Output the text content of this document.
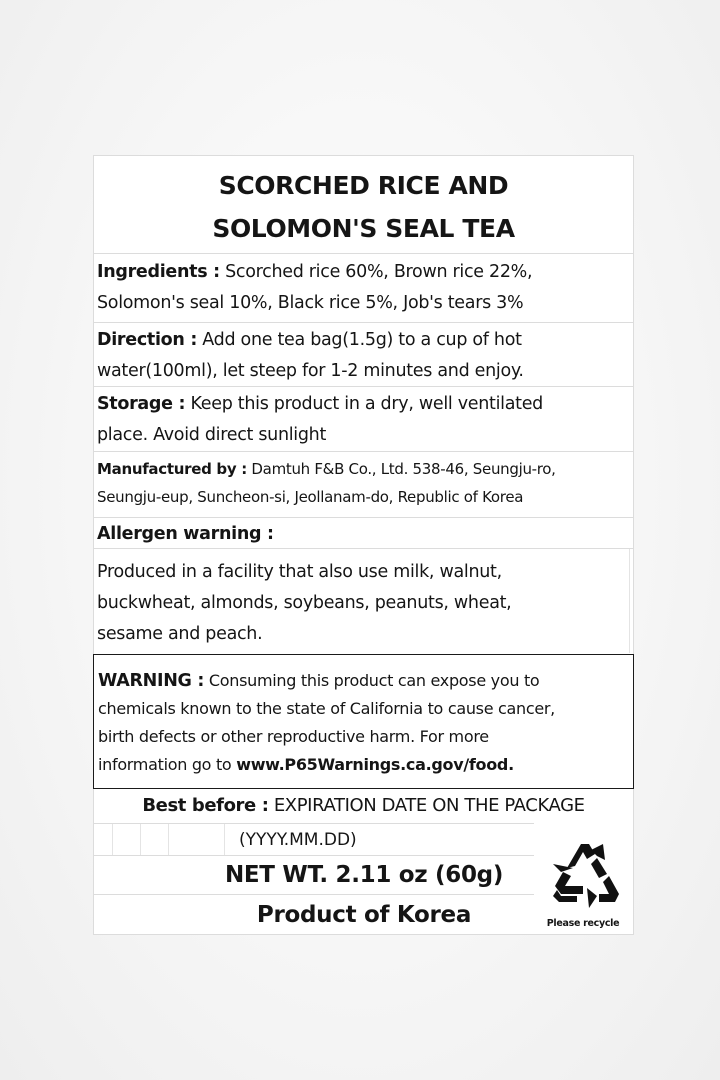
SCORCHED RICE AND
SOLOMON'S SEAL TEA
Ingredients : Scorched rice 60%, Brown rice 22%,
Solomon's seal 10%, Black rice 5%, Job's tears 3%
Direction : Add one tea bag(1.5g) to a cup of hot
water(100ml), let steep for 1-2 minutes and enjoy.
Storage : Keep this product in a dry, well ventilated
place. Avoid direct sunlight
Manufactured by : Damtuh F&B Co., Ltd. 538-46, Seungju-ro,
Seungju-eup, Suncheon-si, Jeollanam-do, Republic of Korea
Allergen warning :
Produced in a facility that also use milk, walnut,
buckwheat, almonds, soybeans, peanuts, wheat,
sesame and peach.
WARNING : Consuming this product can expose you to
chemicals known to the state of California to cause cancer,
birth defects or other reproductive harm. For more
information go to www.P65Warnings.ca.gov/food.
Best before : EXPIRATION DATE ON THE PACKAGE
(YYYY.MM.DD)
NET WT. 2.11 oz (60g)
Product of Korea	Please recycle
